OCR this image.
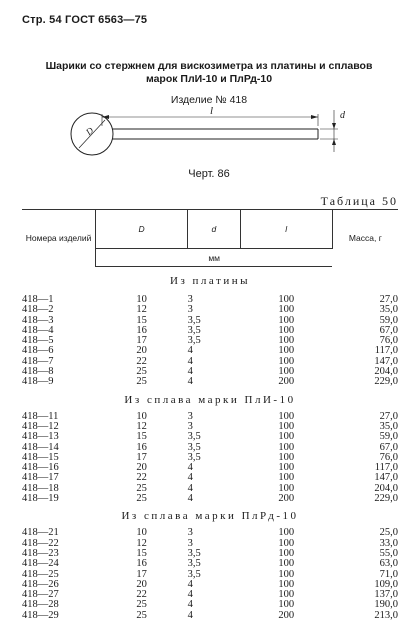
Стр. 54 ГОСТ 6563—75
Шарики со стержнем для вискозиметра из платины и сплавов
марок ПлИ-10 и ПлРд-10
Изделие № 418
l
D
d
Черт. 86
Таблица 50
Номера изделий	D	d	l	Масса, г
	мм			
Из платины				
418—1	10	3	100	27,0
418—2	12	3	100	35,0
418—3	15	3,5	100	59,0
418—4	16	3,5	100	67,0
418—5	17	3,5	100	76,0
418—6	20	4	100	117,0
418—7	22	4	100	147,0
418—8	25	4	100	204,0
418—9	25	4	200	229,0
Из сплава марки ПлИ-10				
418—11	10	3	100	27,0
418—12	12	3	100	35,0
418—13	15	3,5	100	59,0
418—14	16	3,5	100	67,0
418—15	17	3,5	100	76,0
418—16	20	4	100	117,0
418—17	22	4	100	147,0
418—18	25	4	100	204,0
418—19	25	4	200	229,0
Из сплава марки ПлРд-10				
418—21	10	3	100	25,0
418—22	12	3	100	33,0
418—23	15	3,5	100	55,0
418—24	16	3,5	100	63,0
418—25	17	3,5	100	71,0
418—26	20	4	100	109,0
418—27	22	4	100	137,0
418—28	25	4	100	190,0
418—29	25	4	200	213,0
